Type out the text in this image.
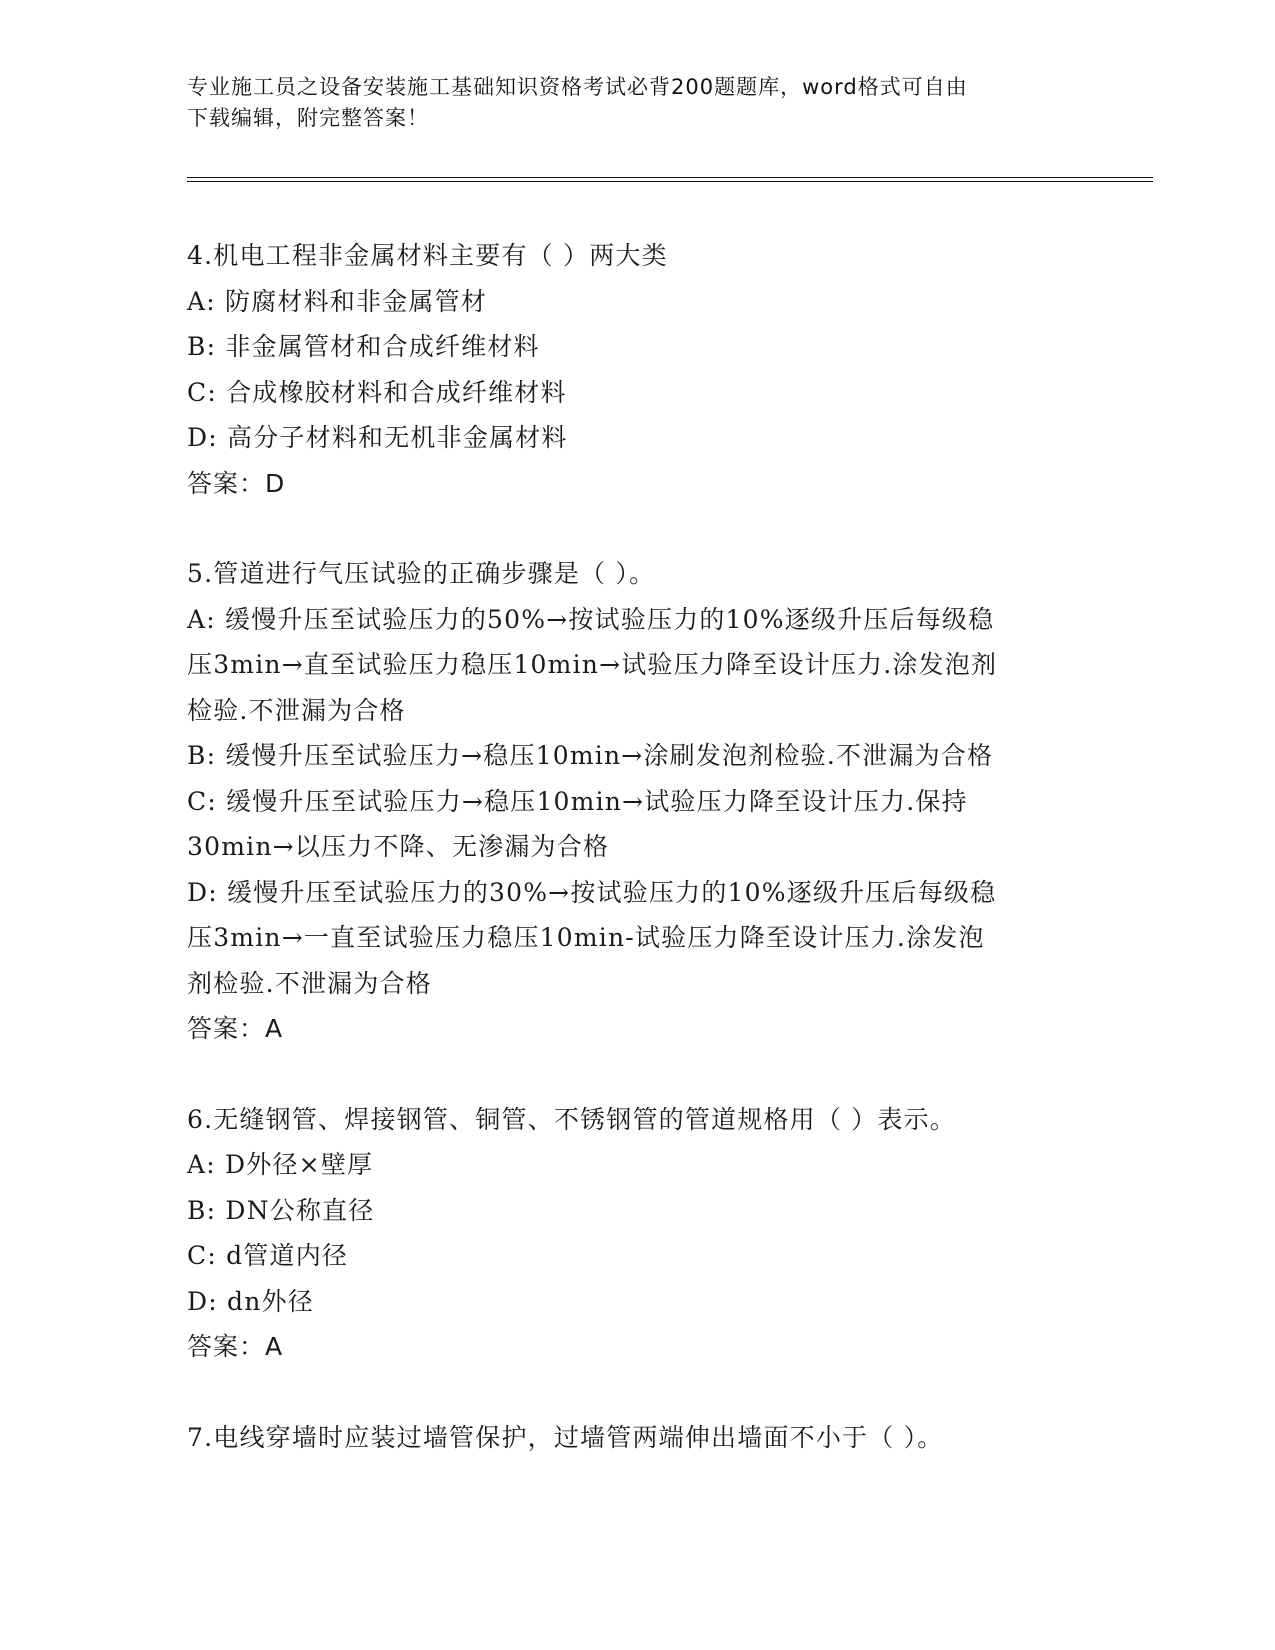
专业施工员之设备安装施工基础知识资格考试必背200题题库，word格式可自由
下载编辑，附完整答案！
4.机电工程非金属材料主要有（ ）两大类
A: 防腐材料和非金属管材
B: 非金属管材和合成纤维材料
C: 合成橡胶材料和合成纤维材料
D: 高分子材料和无机非金属材料
答案：D
5.管道进行气压试验的正确步骤是（ ）。
A: 缓慢升压至试验压力的50%→按试验压力的10%逐级升压后每级稳
压3min→直至试验压力稳压10min→试验压力降至设计压力.涂发泡剂
检验.不泄漏为合格
B: 缓慢升压至试验压力→稳压10min→涂刷发泡剂检验.不泄漏为合格
C: 缓慢升压至试验压力→稳压10min→试验压力降至设计压力.保持
30min→以压力不降、无渗漏为合格
D: 缓慢升压至试验压力的30%→按试验压力的10%逐级升压后每级稳
压3min→一直至试验压力稳压10min-试验压力降至设计压力.涂发泡
剂检验.不泄漏为合格
答案：A
6.无缝钢管、焊接钢管、铜管、不锈钢管的管道规格用（ ）表示。
A: D外径×壁厚
B: DN公称直径
C: d管道内径
D: dn外径
答案：A
7.电线穿墙时应装过墙管保护，过墙管两端伸出墙面不小于（ ）。
